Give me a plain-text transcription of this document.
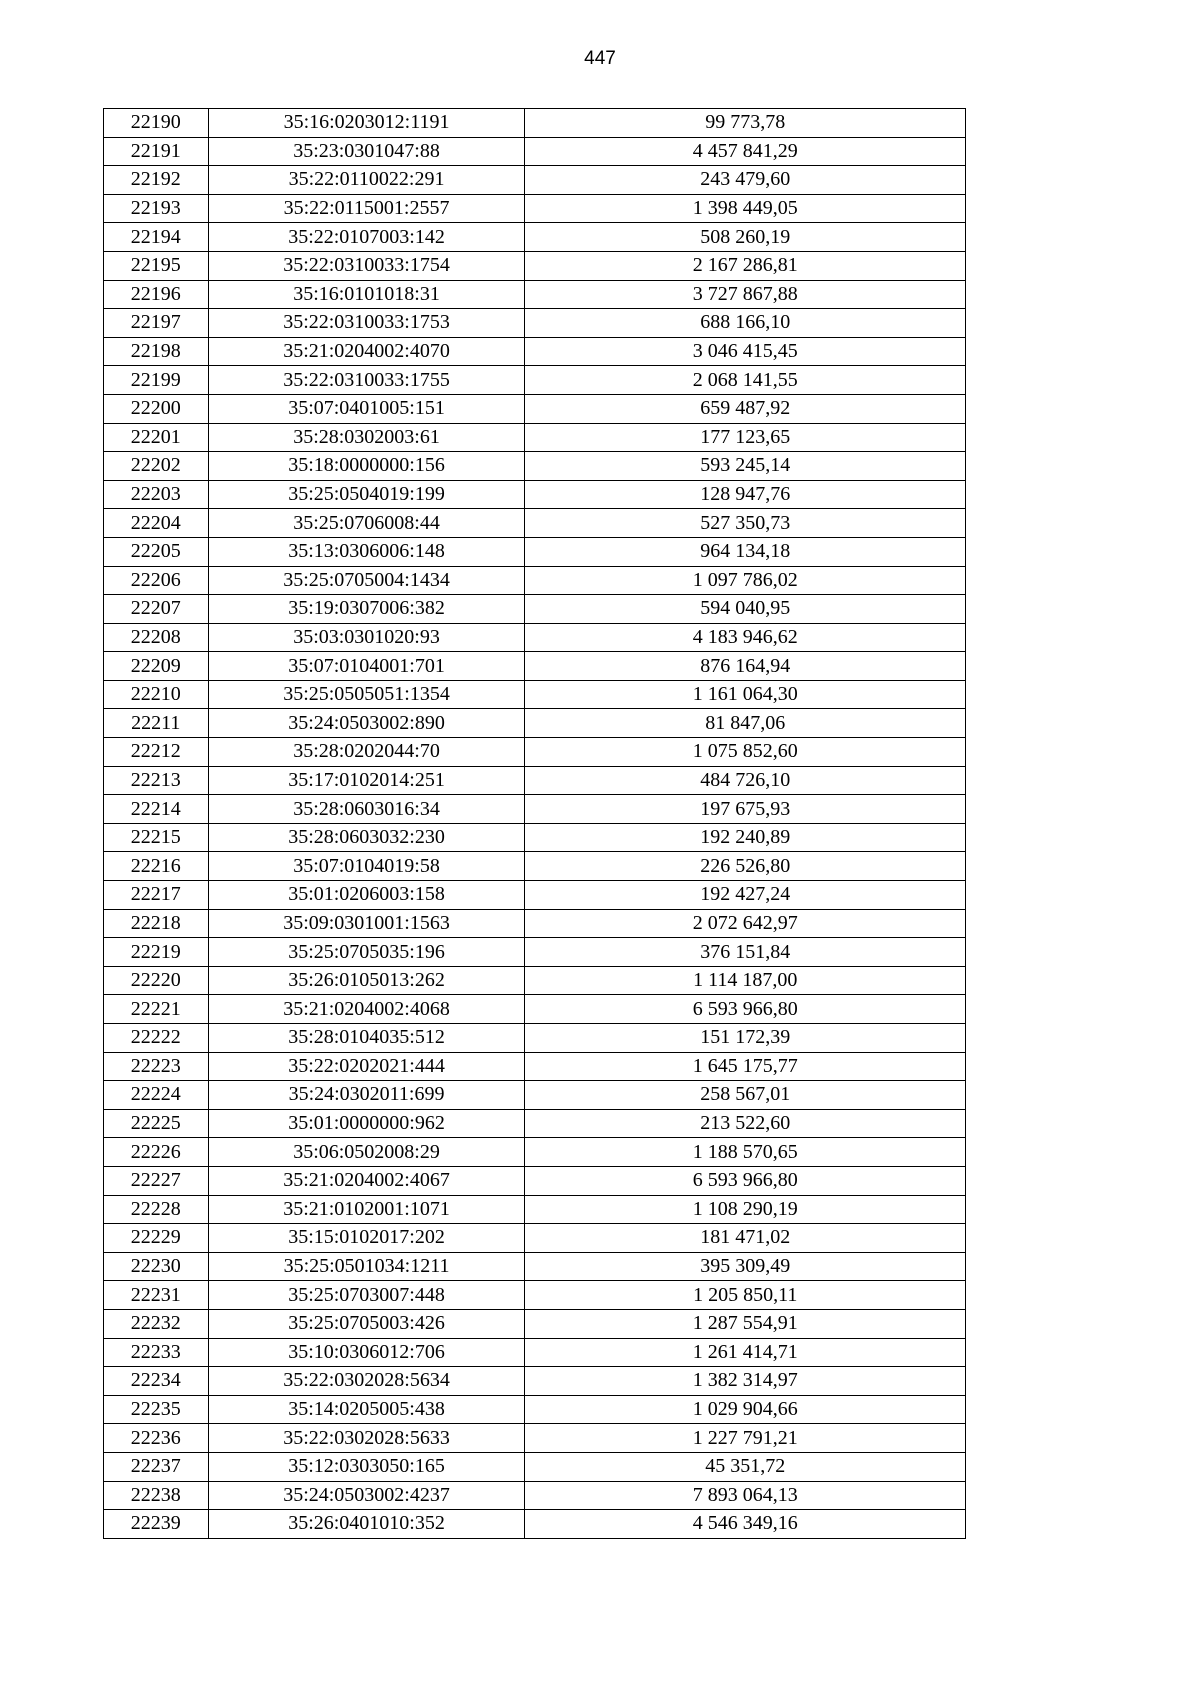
447
22190	35:16:0203012:1191	99 773,78
22191	35:23:0301047:88	4 457 841,29
22192	35:22:0110022:291	243 479,60
22193	35:22:0115001:2557	1 398 449,05
22194	35:22:0107003:142	508 260,19
22195	35:22:0310033:1754	2 167 286,81
22196	35:16:0101018:31	3 727 867,88
22197	35:22:0310033:1753	688 166,10
22198	35:21:0204002:4070	3 046 415,45
22199	35:22:0310033:1755	2 068 141,55
22200	35:07:0401005:151	659 487,92
22201	35:28:0302003:61	177 123,65
22202	35:18:0000000:156	593 245,14
22203	35:25:0504019:199	128 947,76
22204	35:25:0706008:44	527 350,73
22205	35:13:0306006:148	964 134,18
22206	35:25:0705004:1434	1 097 786,02
22207	35:19:0307006:382	594 040,95
22208	35:03:0301020:93	4 183 946,62
22209	35:07:0104001:701	876 164,94
22210	35:25:0505051:1354	1 161 064,30
22211	35:24:0503002:890	81 847,06
22212	35:28:0202044:70	1 075 852,60
22213	35:17:0102014:251	484 726,10
22214	35:28:0603016:34	197 675,93
22215	35:28:0603032:230	192 240,89
22216	35:07:0104019:58	226 526,80
22217	35:01:0206003:158	192 427,24
22218	35:09:0301001:1563	2 072 642,97
22219	35:25:0705035:196	376 151,84
22220	35:26:0105013:262	1 114 187,00
22221	35:21:0204002:4068	6 593 966,80
22222	35:28:0104035:512	151 172,39
22223	35:22:0202021:444	1 645 175,77
22224	35:24:0302011:699	258 567,01
22225	35:01:0000000:962	213 522,60
22226	35:06:0502008:29	1 188 570,65
22227	35:21:0204002:4067	6 593 966,80
22228	35:21:0102001:1071	1 108 290,19
22229	35:15:0102017:202	181 471,02
22230	35:25:0501034:1211	395 309,49
22231	35:25:0703007:448	1 205 850,11
22232	35:25:0705003:426	1 287 554,91
22233	35:10:0306012:706	1 261 414,71
22234	35:22:0302028:5634	1 382 314,97
22235	35:14:0205005:438	1 029 904,66
22236	35:22:0302028:5633	1 227 791,21
22237	35:12:0303050:165	45 351,72
22238	35:24:0503002:4237	7 893 064,13
22239	35:26:0401010:352	4 546 349,16
